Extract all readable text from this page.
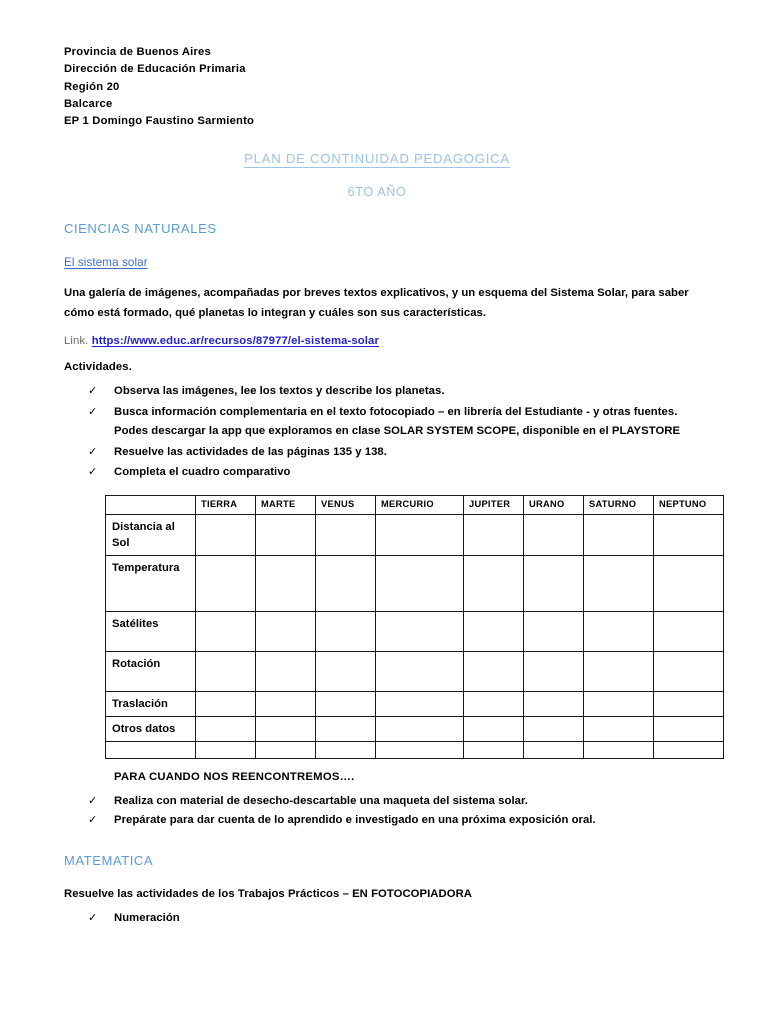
Provincia de Buenos Aires
Dirección de Educación Primaria
Región 20
Balcarce
EP 1 Domingo Faustino Sarmiento
PLAN DE CONTINUIDAD PEDAGOGICA
6TO AÑO
CIENCIAS NATURALES
El sistema solar
Una galería de imágenes, acompañadas por breves textos explicativos, y un esquema del Sistema Solar, para saber cómo está formado, qué planetas lo integran y cuáles son sus características.
Link. https://www.educ.ar/recursos/87977/el-sistema-solar
Actividades.
✓ Observa las imágenes, lee los textos y describe los planetas.
✓ Busca información complementaria en el texto fotocopiado – en librería del Estudiante - y otras fuentes. Podes descargar la app que exploramos en clase SOLAR SYSTEM SCOPE, disponible en el PLAYSTORE
✓ Resuelve las actividades de las páginas 135 y 138.
✓ Completa el cuadro comparativo
	TIERRA	MARTE	VENUS	MERCURIO	JUPITER	URANO	SATURNO	NEPTUNO
Distancia al Sol								
Temperatura								
Satélites								
Rotación								
Traslación								
Otros datos								

PARA CUANDO NOS REENCONTREMOS….
✓ Realiza con material de desecho-descartable una maqueta del sistema solar.
✓ Prepárate para dar cuenta de lo aprendido e investigado en una próxima exposición oral.
MATEMATICA
Resuelve las actividades de los Trabajos Prácticos – EN FOTOCOPIADORA
✓ Numeración
